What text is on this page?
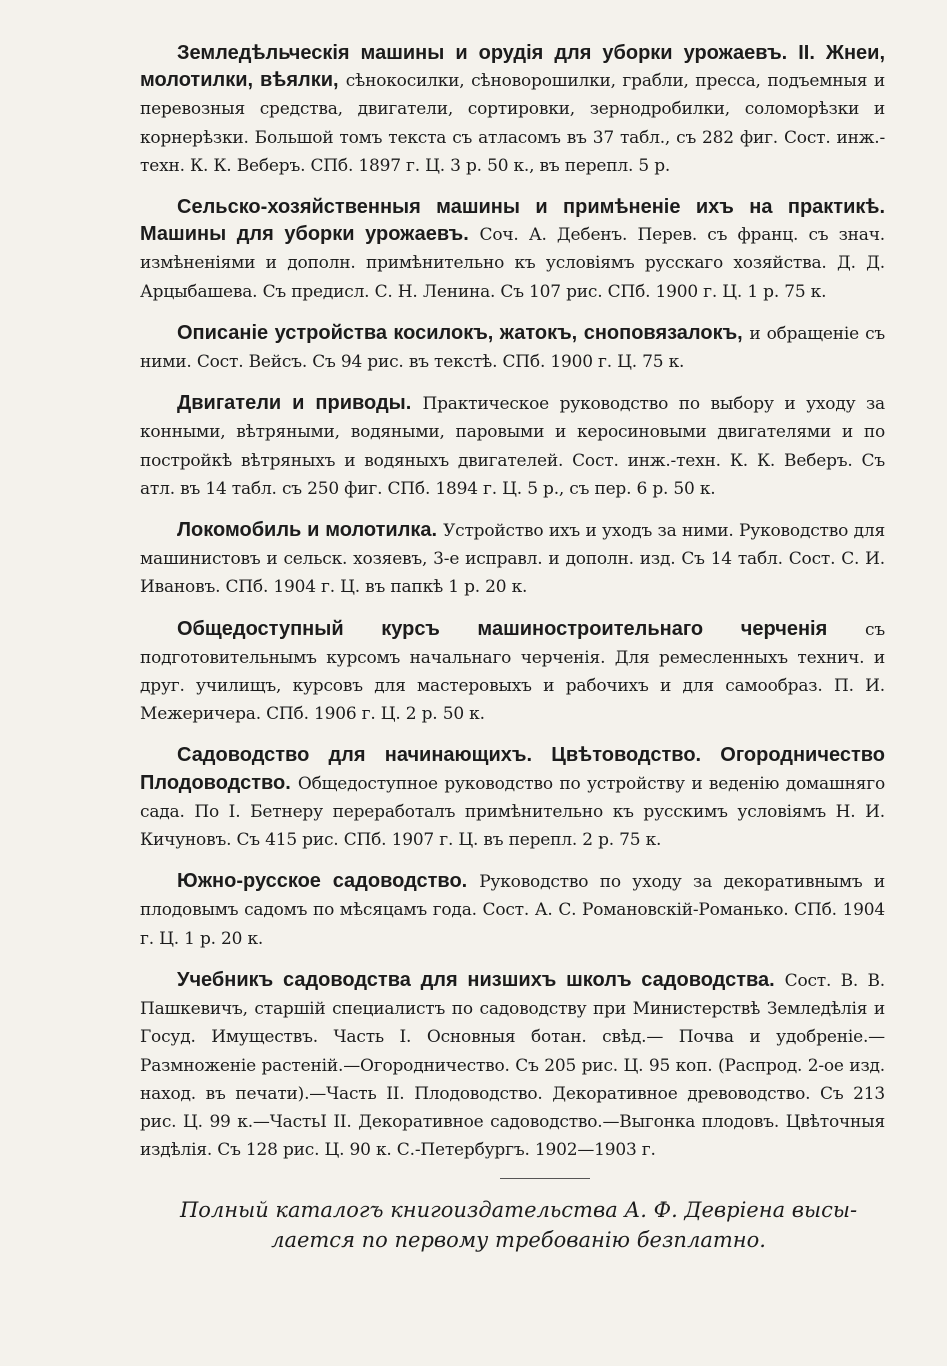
Земледѣльческія машины и орудія для уборки урожаевъ. II. Жнеи, молотилки, вѣялки, сѣнокосилки, сѣноворошилки, грабли, пресса, подъемныя и перевозныя средства, двигатели, сортировки, зернодробилки, соломорѣзки и корнерѣзки. Большой томъ текста съ атласомъ въ 37 табл., съ 282 фиг. Сост. инж.-техн. К. К. Веберъ. СПб. 1897 г. Ц. 3 р. 50 к., въ перепл. 5 р.
Сельско-хозяйственныя машины и примѣненіе ихъ на практикѣ. Машины для уборки урожаевъ. Соч. А. Дебенъ. Перев. съ франц. съ знач. измѣненіями и дополн. примѣнительно къ условіямъ русскаго хозяйства. Д. Д. Арцыбашева. Съ предисл. С. Н. Ленина. Съ 107 рис. СПб. 1900 г. Ц. 1 р. 75 к.
Описаніе устройства косилокъ, жатокъ, сноповязалокъ, и обращеніе съ ними. Сост. Вейсъ. Съ 94 рис. въ текстѣ. СПб. 1900 г. Ц. 75 к.
Двигатели и приводы. Практическое руководство по выбору и уходу за конными, вѣтряными, водяными, паровыми и керосиновыми двигателями и по постройкѣ вѣтряныхъ и водяныхъ двигателей. Сост. инж.-техн. К. К. Веберъ. Съ атл. въ 14 табл. съ 250 фиг. СПб. 1894 г. Ц. 5 р., съ пер. 6 р. 50 к.
Локомобиль и молотилка. Устройство ихъ и уходъ за ними. Руководство для машинистовъ и сельск. хозяевъ, 3-е исправл. и дополн. изд. Съ 14 табл. Сост. С. И. Ивановъ. СПб. 1904 г. Ц. въ папкѣ 1 р. 20 к.
Общедоступный курсъ машиностроительнаго черченія съ подготовительнымъ курсомъ начальнаго черченія. Для ремесленныхъ технич. и друг. училищъ, курсовъ для мастеровыхъ и рабочихъ и для самообраз. П. И. Межеричера. СПб. 1906 г. Ц. 2 р. 50 к.
Садоводство для начинающихъ. Цвѣтоводство. Огородничество Плодоводство. Общедоступное руководство по устройству и веденію домашняго сада. По І. Бетнеру переработалъ примѣнительно къ русскимъ условіямъ Н. И. Кичуновъ. Съ 415 рис. СПб. 1907 г. Ц. въ перепл. 2 р. 75 к.
Южно-русское садоводство. Руководство по уходу за декоративнымъ и плодовымъ садомъ по мѣсяцамъ года. Сост. А. С. Романовскій-Романько. СПб. 1904 г. Ц. 1 р. 20 к.
Учебникъ садоводства для низшихъ школъ садоводства. Сост. В. В. Пашкевичъ, старшій специалистъ по садоводству при Министерствѣ Земледѣлія и Госуд. Имуществъ. Часть I. Основныя ботан. свѣд.— Почва и удобреніе.—Размноженіе растеній.—Огородничество. Съ 205 рис. Ц. 95 коп. (Распрод. 2-ое изд. наход. въ печати).—Часть II. Плодоводство. Декоративное древоводство. Съ 213 рис. Ц. 99 к.—ЧастьI II. Декоративное садоводство.—Выгонка плодовъ. Цвѣточныя издѣлія. Съ 128 рис. Ц. 90 к. С.-Петербургъ. 1902—1903 г.
Полный каталогъ книгоиздательства А. Ф. Девріена высы-
лается по первому требованію безплатно.
